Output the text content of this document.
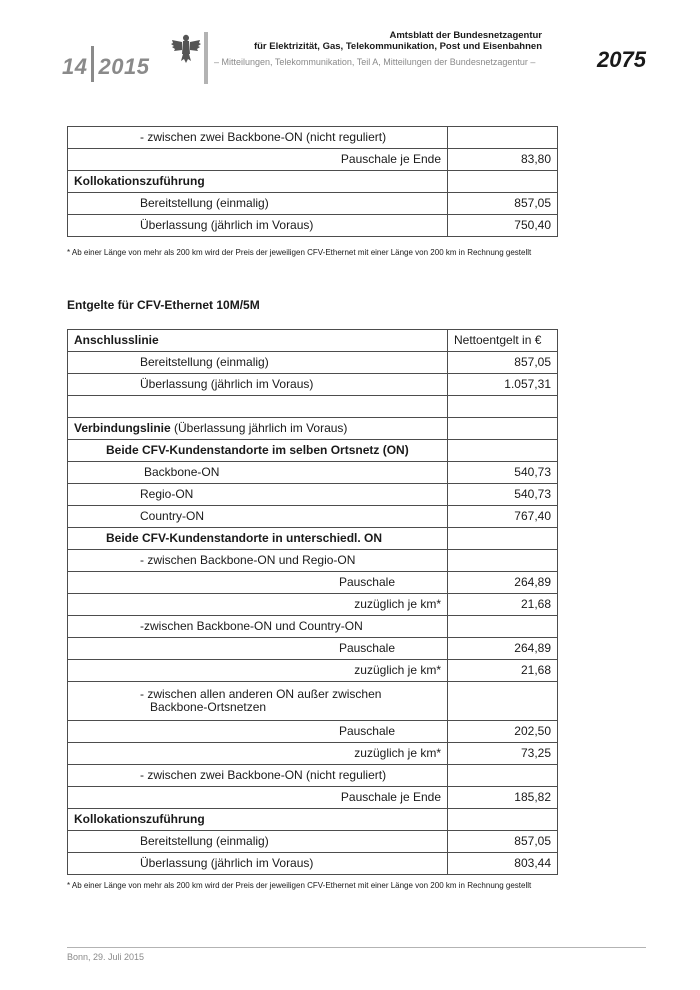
14 2015
Amtsblatt der Bundesnetzagentur
für Elektrizität, Gas, Telekommunikation, Post und Eisenbahnen
– Mitteilungen, Telekommunikation, Teil A, Mitteilungen der Bundesnetzagentur –	2075
- zwischen zwei Backbone-ON (nicht reguliert)	
Pauschale je Ende	83,80
Kollokationszuführung	
Bereitstellung (einmalig)	857,05
Überlassung (jährlich im Voraus)	750,40
* Ab einer Länge von mehr als 200 km wird der Preis der jeweiligen CFV-Ethernet mit einer Länge von 200 km in Rechnung gestellt
Entgelte für CFV-Ethernet 10M/5M
Anschlusslinie	Nettoentgelt in €
Bereitstellung (einmalig)	857,05
Überlassung (jährlich im Voraus)	1.057,31

Verbindungslinie (Überlassung jährlich im Voraus)	
Beide CFV-Kundenstandorte im selben Ortsnetz (ON)	
Backbone-ON	540,73
Regio-ON	540,73
Country-ON	767,40
Beide CFV-Kundenstandorte in unterschiedl. ON	
- zwischen Backbone-ON und Regio-ON	
Pauschale	264,89
zuzüglich je km*	21,68
-zwischen Backbone-ON und Country-ON	
Pauschale	264,89
zuzüglich je km*	21,68

- zwischen allen anderen ON außer zwischen
Backbone-Ortsnetzen	

Pauschale	202,50
zuzüglich je km*	73,25
- zwischen zwei Backbone-ON (nicht reguliert)	
Pauschale je Ende	185,82
Kollokationszuführung	
Bereitstellung (einmalig)	857,05
Überlassung (jährlich im Voraus)	803,44
* Ab einer Länge von mehr als 200 km wird der Preis der jeweiligen CFV-Ethernet mit einer Länge von 200 km in Rechnung gestellt
Bonn, 29. Juli 2015
